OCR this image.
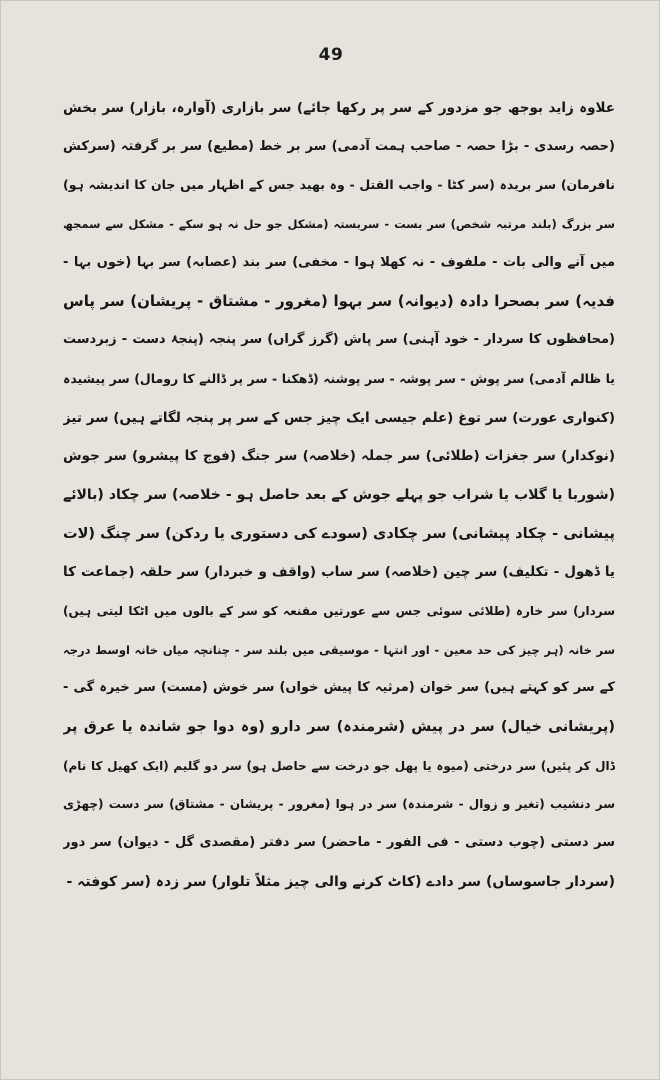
49
علاوہ زاید بوجھ جو مزدور کے سر پر رکھا جائے) سر بازاری (آوارہ، بازار) سر بخش
(حصہ رسدی - بڑا حصہ - صاحب ہمت آدمی) سر بر خط (مطیع) سر بر گرفتہ (سرکش
نافرمان) سر بریدہ (سر کٹا - واجب القتل - وہ بھید جس کے اظہار میں جان کا اندیشہ ہو)
سر بزرگ (بلند مرتبہ شخص) سر بست - سربستہ (مشکل جو حل نہ ہو سکے - مشکل سے سمجھ
میں آنے والی بات - ملفوف - نہ کھلا ہوا - مخفی) سر بند (عصابہ) سر بہا (خوں بہا -
فدیہ) سر بصحرا دادہ (دیوانہ) سر بہوا (مغرور - مشتاق - پریشان) سر پاس
(محافظوں کا سردار - خود آہنی) سر پاش (گرز گراں) سر پنجہ (پنجۂ دست - زبردست
یا ظالم آدمی) سر پوش - سر پوشہ - سر پوشنہ (ڈھکنا - سر پر ڈالنے کا رومال) سر پیشیدہ
(کنواری عورت) سر توغ (علم جیسی ایک چیز جس کے سر پر پنجہ لگاتے ہیں) سر تیز
(نوکدار) سر جغزات (طلائی) سر جملہ (خلاصہ) سر جنگ (فوج کا پیشرو) سر جوش
(شوربا یا گلاب یا شراب جو پہلے جوش کے بعد حاصل ہو - خلاصہ) سر چکاد (بالائے
پیشانی - چکاد پیشانی) سر چکادی (سودے کی دستوری یا ردکن) سر چنگ (لات
یا ڈھول - تکلیف) سر چین (خلاصہ) سر ساب (واقف و خبردار) سر حلقہ (جماعت کا
سردار) سر خارہ (طلائی سوئی جس سے عورتیں مقنعہ کو سر کے بالوں میں اٹکا لیتی ہیں)
سر خانہ (ہر چیز کی حد معین - اور انتہا - موسیقی میں بلند سر - چنانچہ میاں خانہ اوسط درجہ
کے سر کو کہتے ہیں) سر خوان (مرثیہ کا پیش خواں) سر خوش (مست) سر خیرہ گی -
(پریشانی خیال) سر در پیش (شرمندہ) سر دارو (وہ دوا جو شاندہ یا عرق پر
ڈال کر پئیں) سر درختی (میوہ یا پھل جو درخت سے حاصل ہو) سر دو گلیم (ایک کھیل کا نام)
سر دنشیب (تغیر و زوال - شرمندہ) سر در ہوا (مغرور - پریشان - مشتاق) سر دست (چھڑی
سر دستی (چوب دستی - فی الفور - ماحضر) سر دفتر (مقصدی گل - دیوان) سر دور
(سردار جاسوساں) سر دادے (کاٹ کرنے والی چیز مثلاً تلوار) سر زدہ (سر کوفتہ -
